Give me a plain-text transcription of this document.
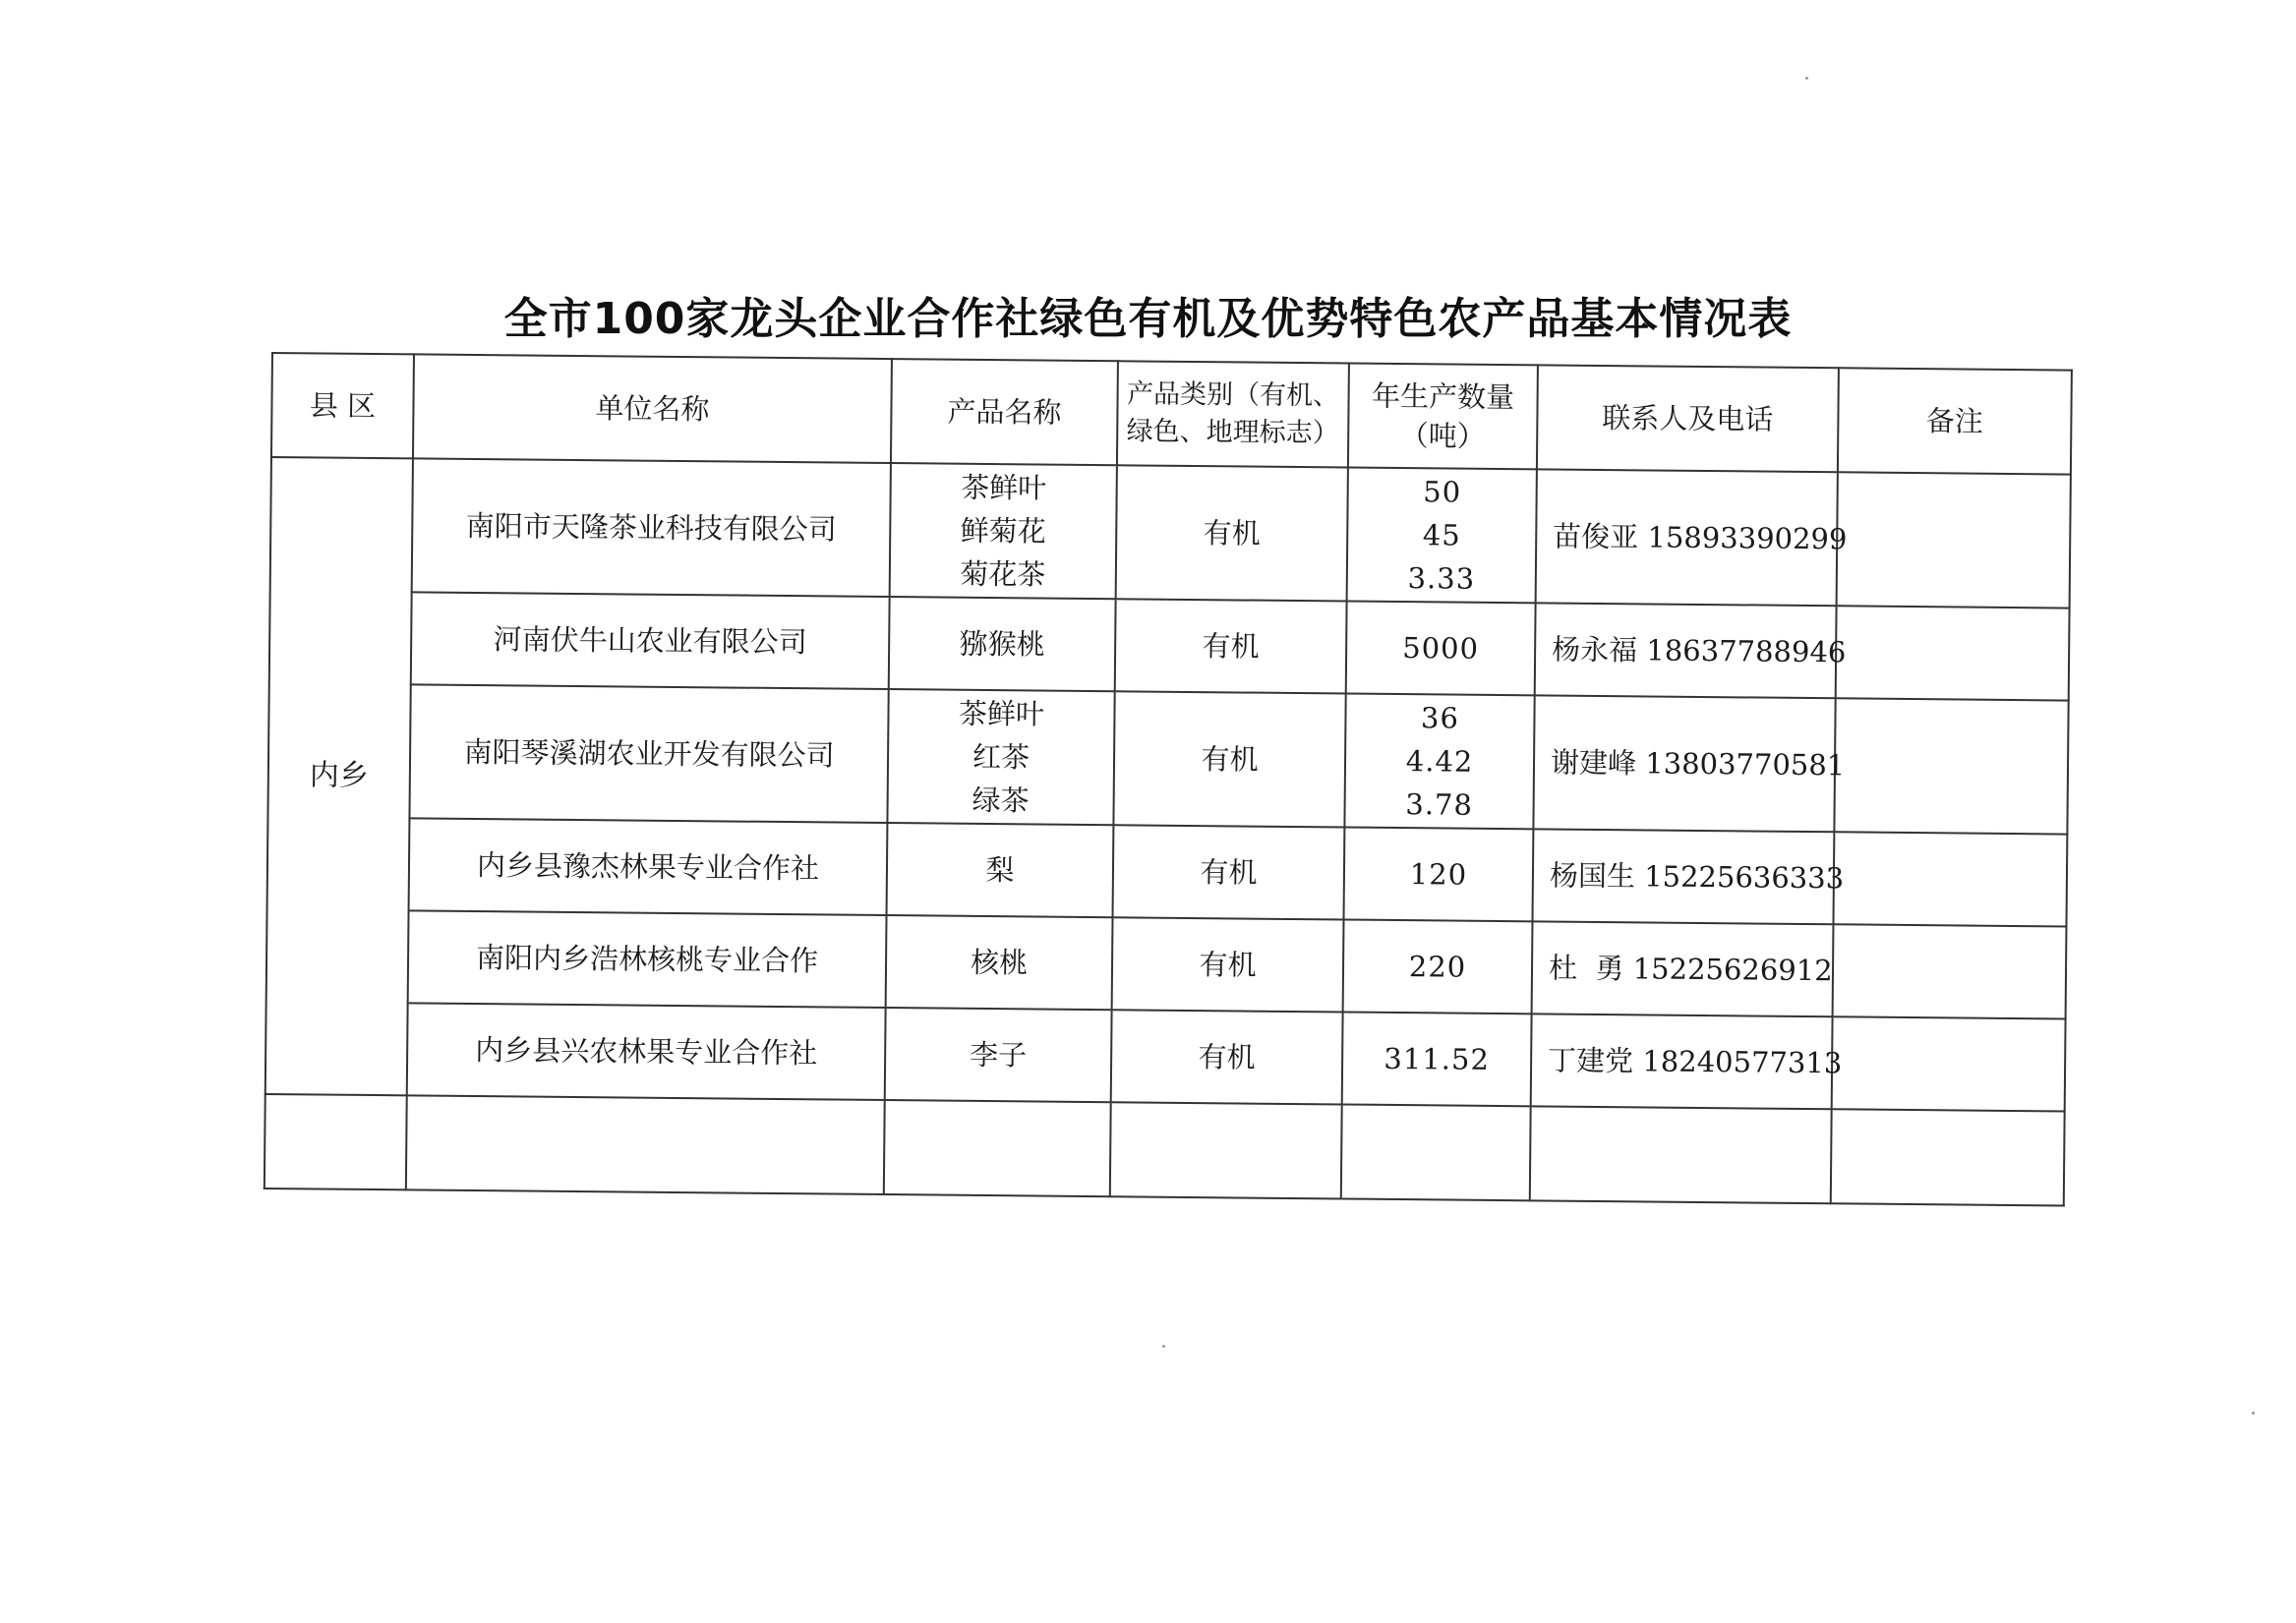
全市100家龙头企业合作社绿色有机及优势特色农产品基本情况表
县 区	单位名称	产品名称	产品类别（有机、绿色、地理标志）	年生产数量（吨）	联系人及电话	备注
内乡	南阳市天隆茶业科技有限公司	茶鲜叶
鲜菊花
菊花茶	有机	50
45
3.33	苗俊亚 15893390299	
	河南伏牛山农业有限公司	猕猴桃	有机	5000	杨永福 18637788946	
	南阳琴溪湖农业开发有限公司	茶鲜叶
红茶
绿茶	有机	36
4.42
3.78	谢建峰 13803770581	
	内乡县豫杰林果专业合作社	梨	有机	120	杨国生 15225636333	
	南阳内乡浩林核桃专业合作	核桃	有机	220	杜  勇 15225626912	
	内乡县兴农林果专业合作社	李子	有机	311.52	丁建党 18240577313	
